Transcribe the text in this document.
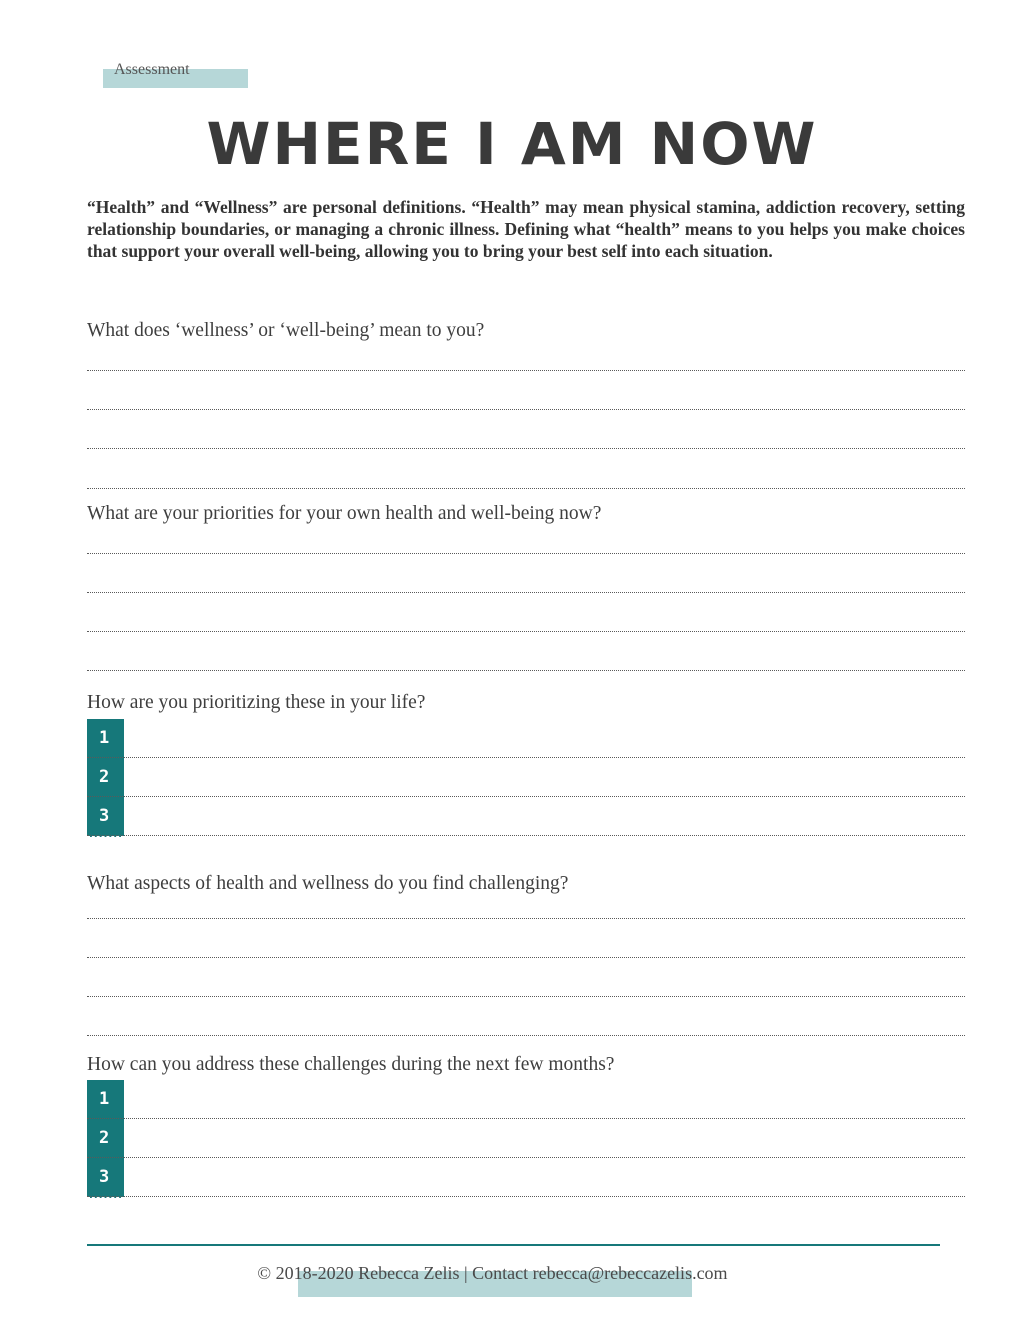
Assessment
WHERE I AM NOW

“Health” and “Wellness” are personal definitions. “Health” may mean physical stamina, addiction recovery, setting relationship boundaries, or managing a chronic illness. Defining what “health” means to you helps you make choices that support your overall well-being, allowing you to bring your best self into each situation.

What does ‘wellness’ or ‘well-being’ mean to you?

What are your priorities for your own health and well-being now?

How are you prioritizing these in your life?

1
2
3

What aspects of health and wellness do you find challenging?

How can you address these challenges during the next few months?

1
2
3
© 2018-2020 Rebecca Zelis | Contact rebecca@rebeccazelis.com
